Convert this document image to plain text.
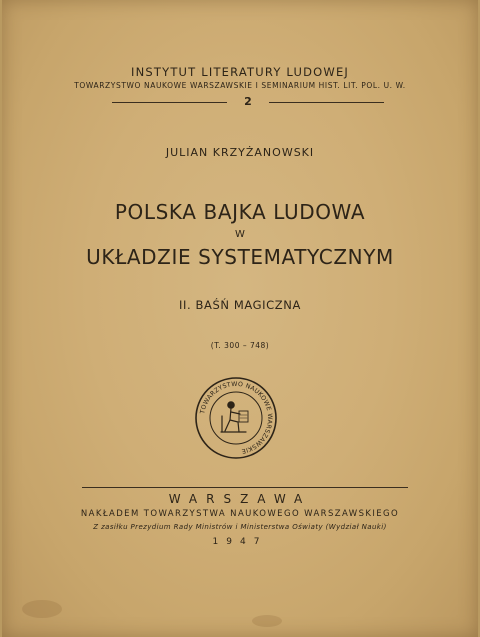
INSTYTUT LITERATURY LUDOWEJ
TOWARZYSTWO NAUKOWE WARSZAWSKIE I SEMINARIUM HIST. LIT. POL. U. W.
2
JULIAN KRZYŻANOWSKI
POLSKA BAJKA LUDOWA
W
UKŁADZIE SYSTEMATYCZNYM
II. BAŚŃ MAGICZNA
(T. 300 – 748)
TOWARZYSTWO NAUKOWE WARSZAWSKIE
WARSZAWA
NAKŁADEM TOWARZYSTWA NAUKOWEGO WARSZAWSKIEGO
Z zasiłku Prezydium Rady Ministrów i Ministerstwa Oświaty (Wydział Nauki)
1947
